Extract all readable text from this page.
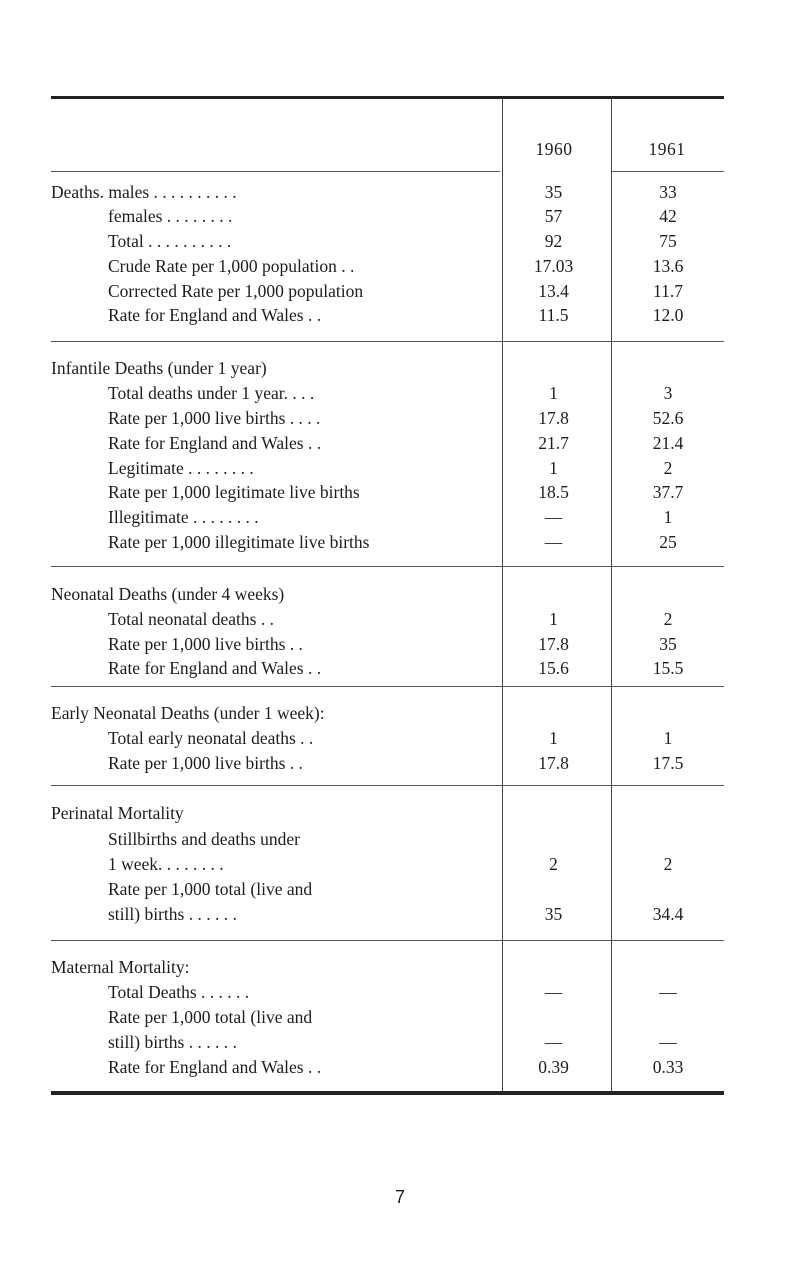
1960	1961
Deaths. males . . . . . . . . . .	35	33
females . . . . . . . .	57	42
Total . . . . . . . . . .	92	75
Crude Rate per 1,000 population . .	17.03	13.6
Corrected Rate per 1,000 population	13.4	11.7
Rate for England and Wales . .	11.5	12.0
Infantile Deaths (under 1 year)
Total deaths under 1 year. . . .	1	3
Rate per 1,000 live births . . . .	17.8	52.6
Rate for England and Wales . .	21.7	21.4
Legitimate . . . . . . . .	1	2
Rate per 1,000 legitimate live births	18.5	37.7
Illegitimate . . . . . . . .	—	1
Rate per 1,000 illegitimate live births	—	25
Neonatal Deaths (under 4 weeks)
Total neonatal deaths . .	1	2
Rate per 1,000 live births . .	17.8	35
Rate for England and Wales . .	15.6	15.5
Early Neonatal Deaths (under 1 week):
Total early neonatal deaths . .	1	1
Rate per 1,000 live births . .	17.8	17.5
Perinatal Mortality
Stillbirths and deaths under
1 week. . . . . . . .	2	2
Rate per 1,000 total (live and
still) births . . . . . .	35	34.4
Maternal Mortality:
Total Deaths . . . . . .	—	—
Rate per 1,000 total (live and
still) births . . . . . .	—	—
Rate for England and Wales . .	0.39	0.33
7
